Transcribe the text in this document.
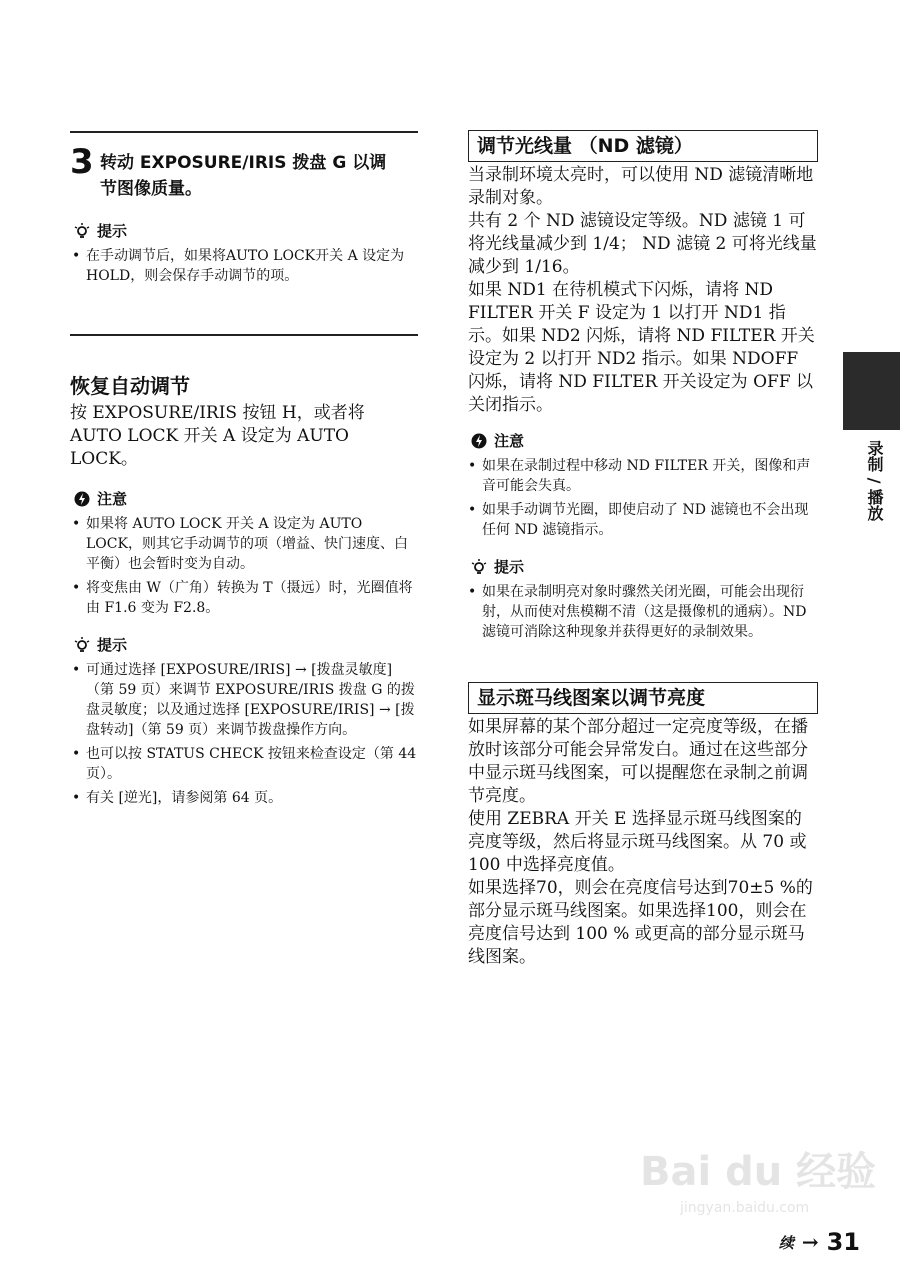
3 转动 EXPOSURE/IRIS 拨盘 G 以调
节图像质量。
提示
• 在手动调节后，如果将AUTO LOCK开关 A 设定为 HOLD，则会保存手动调节的项。
恢复自动调节

按 EXPOSURE/IRIS 按钮 H，或者将 AUTO LOCK 开关 A 设定为 AUTO LOCK。

注意
• 如果将 AUTO LOCK 开关 A 设定为 AUTO LOCK，则其它手动调节的项（增益、快门速度、白平衡）也会暂时变为自动。
• 将变焦由 W（广角）转换为 T（摄远）时，光圈值将由 F1.6 变为 F2.8。
提示
• 可通过选择 [EXPOSURE/IRIS] → [拨盘灵敏度]（第 59 页）来调节 EXPOSURE/IRIS 拨盘 G 的拨盘灵敏度；以及通过选择 [EXPOSURE/IRIS] → [拨盘转动]（第 59 页）来调节拨盘操作方向。
• 也可以按 STATUS CHECK 按钮来检查设定（第 44 页）。
• 有关 [逆光]，请参阅第 64 页。
调节光线量 （ND 滤镜）

当录制环境太亮时，可以使用 ND 滤镜清晰地录制对象。

共有 2 个 ND 滤镜设定等级。ND 滤镜 1 可将光线量减少到 1/4； ND 滤镜 2 可将光线量减少到 1/16。

如果 ND1 在待机模式下闪烁，请将 ND FILTER 开关 F 设定为 1 以打开 ND1 指示。如果 ND2 闪烁，请将 ND FILTER 开关设定为 2 以打开 ND2 指示。如果 NDOFF 闪烁，请将 ND FILTER 开关设定为 OFF 以关闭指示。

注意
• 如果在录制过程中移动 ND FILTER 开关，图像和声音可能会失真。
• 如果手动调节光圈，即使启动了 ND 滤镜也不会出现任何 ND 滤镜指示。
提示
• 如果在录制明亮对象时骤然关闭光圈，可能会出现衍射，从而使对焦模糊不清（这是摄像机的通病）。ND 滤镜可消除这种现象并获得更好的录制效果。
显示斑马线图案以调节亮度

如果屏幕的某个部分超过一定亮度等级，在播放时该部分可能会异常发白。通过在这些部分中显示斑马线图案，可以提醒您在录制之前调节亮度。

使用 ZEBRA 开关 E 选择显示斑马线图案的亮度等级，然后将显示斑马线图案。从 70 或 100 中选择亮度值。

如果选择70，则会在亮度信号达到70±5 %的部分显示斑马线图案。如果选择100，则会在亮度信号达到 100 % 或更高的部分显示斑马线图案。

录制 / 播放
Bai du 经验
jingyan.baidu.com
续 → 31
